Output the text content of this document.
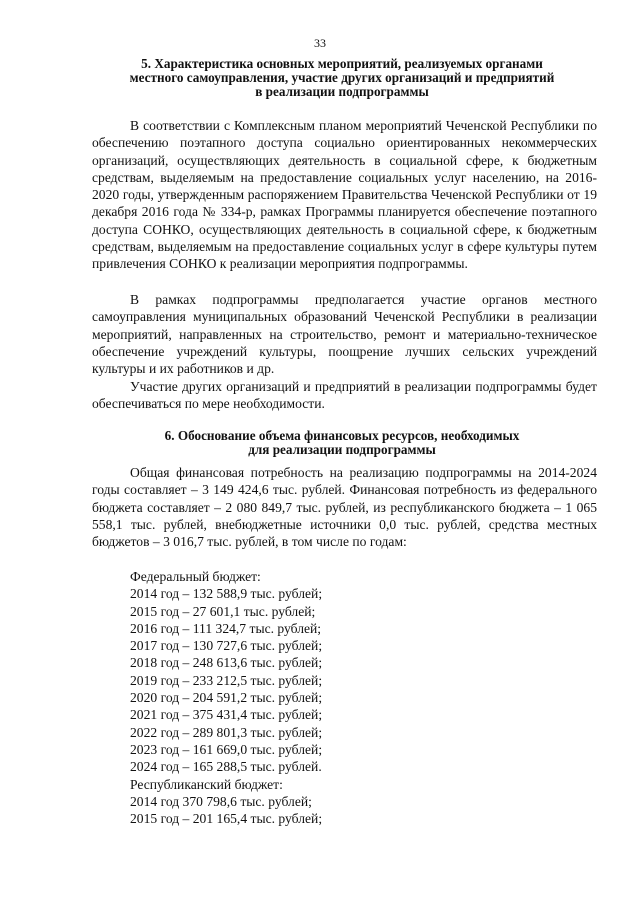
33
5. Характеристика основных мероприятий, реализуемых органами
местного самоуправления, участие других организаций и предприятий
в реализации подпрограммы

В соответствии с Комплексным планом мероприятий Чеченской Республики по обеспечению поэтапного доступа социально ориентированных некоммерческих организаций, осуществляющих деятельность в социальной сфере, к бюджетным средствам, выделяемым на предоставление социальных услуг населению, на 2016-2020 годы, утвержденным распоряжением Правительства Чеченской Республики от 19 декабря 2016 года № 334-р, рамках Программы планируется обеспечение поэтапного доступа СОНКО, осуществляющих деятельность в социальной сфере, к бюджетным средствам, выделяемым на предоставление социальных услуг в сфере культуры путем привлечения СОНКО к реализации мероприятия подпрограммы.

В рамках подпрограммы предполагается участие органов местного самоуправления муниципальных образований Чеченской Республики в реализации мероприятий, направленных на строительство, ремонт и материально-техническое обеспечение учреждений культуры, поощрение лучших сельских учреждений культуры и их работников и др.

Участие других организаций и предприятий в реализации подпрограммы будет обеспечиваться по мере необходимости.

6. Обоснование объема финансовых ресурсов, необходимых
для реализации подпрограммы

Общая финансовая потребность на реализацию подпрограммы на 2014-2024 годы составляет – 3 149 424,6 тыс. рублей. Финансовая потребность из федерального бюджета составляет – 2 080 849,7 тыс. рублей, из республиканского бюджета – 1 065 558,1 тыс. рублей, внебюджетные источники 0,0 тыс. рублей, средства местных бюджетов – 3 016,7 тыс. рублей, в том числе по годам:

Федеральный бюджет:
2014 год – 132 588,9 тыс. рублей;
2015 год – 27 601,1 тыс. рублей;
2016 год – 111 324,7 тыс. рублей;
2017 год – 130 727,6 тыс. рублей;
2018 год – 248 613,6 тыс. рублей;
2019 год – 233 212,5 тыс. рублей;
2020 год – 204 591,2 тыс. рублей;
2021 год – 375 431,4 тыс. рублей;
2022 год – 289 801,3 тыс. рублей;
2023 год – 161 669,0 тыс. рублей;
2024 год – 165 288,5 тыс. рублей.
Республиканский бюджет:
2014 год 370 798,6 тыс. рублей;
2015 год – 201 165,4 тыс. рублей;
